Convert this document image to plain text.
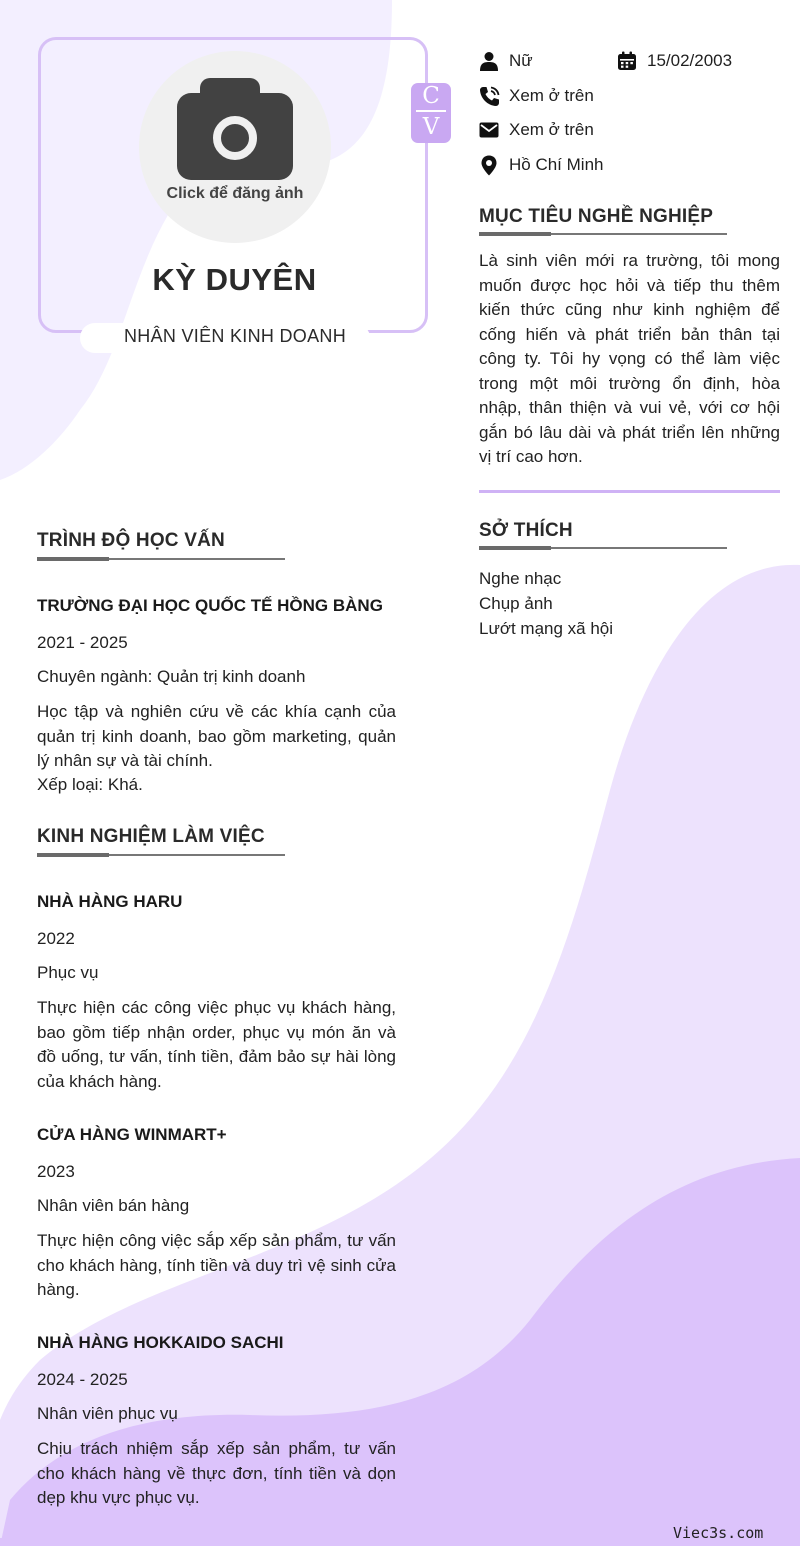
Click để đăng ảnh
KỲ DUYÊN
NHÂN VIÊN KINH DOANH
C
V
Nữ	15/02/2003
Xem ở trên
Xem ở trên
Hồ Chí Minh
MỤC TIÊU NGHỀ NGHIỆP
Là sinh viên mới ra trường, tôi mong muốn được học hỏi và tiếp thu thêm kiến thức cũng như kinh nghiệm để cống hiến và phát triển bản thân tại công ty. Tôi hy vọng có thể làm việc trong một môi trường ổn định, hòa nhập, thân thiện và vui vẻ, với cơ hội gắn bó lâu dài và phát triển lên những vị trí cao hơn.
SỞ THÍCH
Nghe nhạc
Chụp ảnh
Lướt mạng xã hội
TRÌNH ĐỘ HỌC VẤN
TRƯỜNG ĐẠI HỌC QUỐC TẾ HỒNG BÀNG
2021 - 2025
Chuyên ngành: Quản trị kinh doanh
Học tập và nghiên cứu về các khía cạnh của quản trị kinh doanh, bao gồm marketing, quản lý nhân sự và tài chính.
Xếp loại: Khá.
KINH NGHIỆM LÀM VIỆC
NHÀ HÀNG HARU
2022
Phục vụ
Thực hiện các công việc phục vụ khách hàng, bao gồm tiếp nhận order, phục vụ món ăn và đồ uống, tư vấn, tính tiền, đảm bảo sự hài lòng của khách hàng.
CỬA HÀNG WINMART+
2023
Nhân viên bán hàng
Thực hiện công việc sắp xếp sản phẩm, tư vấn cho khách hàng, tính tiền và duy trì vệ sinh cửa hàng.
NHÀ HÀNG HOKKAIDO SACHI
2024 - 2025
Nhân viên phục vụ
Chịu trách nhiệm sắp xếp sản phẩm, tư vấn cho khách hàng về thực đơn, tính tiền và dọn dẹp khu vực phục vụ.
Viec3s.com
